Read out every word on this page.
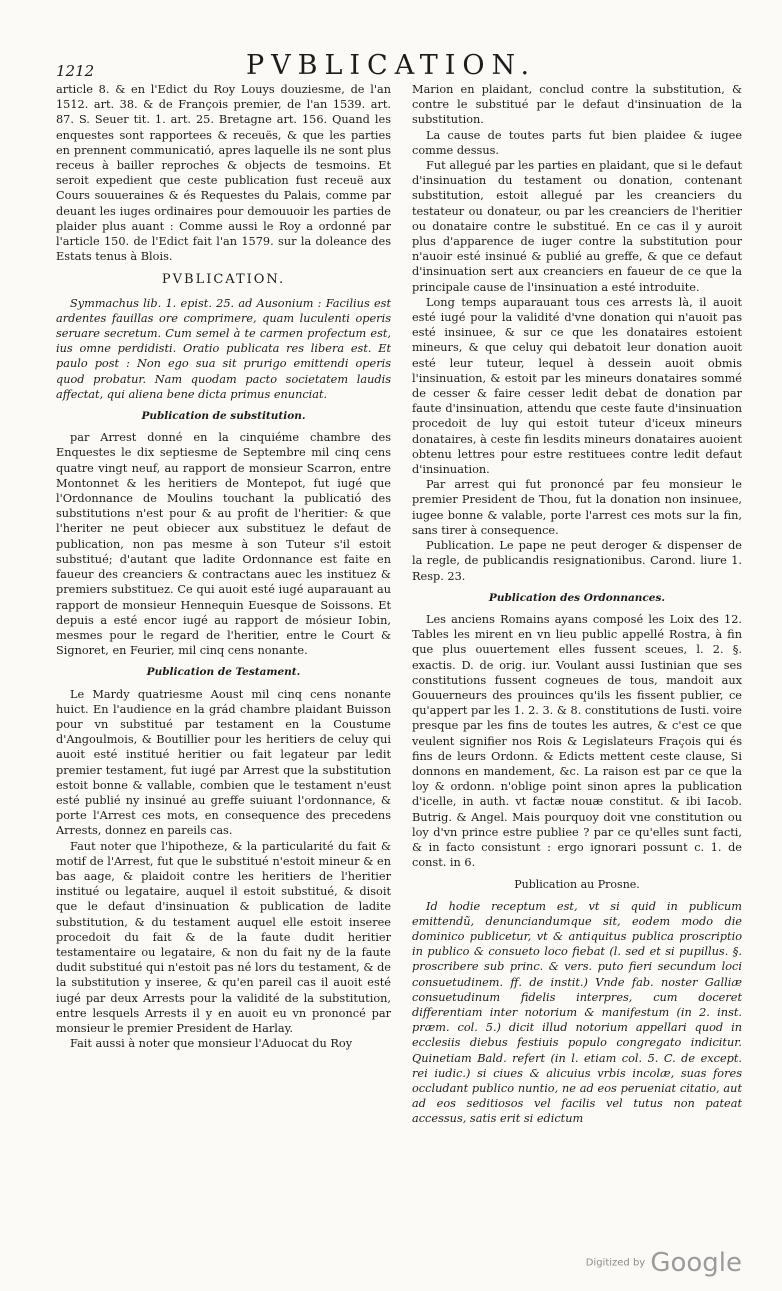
1212	PVBLICATION.

article 8. & en l'Edict du Roy Louys douziesme, de l'an 1512. art. 38. & de François premier, de l'an 1539. art. 87. S. Seuer tit. 1. art. 25. Bretagne art. 156. Quand les enquestes sont rapportees & receuës, & que les parties en prennent communicatió, apres laquelle ils ne sont plus receus à bailler reproches & objects de tesmoins. Et seroit expedient que ceste publication fust receuë aux Cours souueraines & és Requestes du Palais, comme par deuant les iuges ordinaires pour demouuoir les parties de plaider plus auant : Comme aussi le Roy a ordonné par l'article 150. de l'Edict fait l'an 1579. sur la doleance des Estats tenus à Blois.

PVBLICATION.

Symmachus lib. 1. epist. 25. ad Ausonium : Facilius est ardentes fauillas ore comprimere, quam luculenti operis seruare secretum. Cum semel à te carmen profectum est, ius omne perdidisti. Oratio publicata res libera est. Et paulo post : Non ego sua sit prurigo emittendi operis quod probatur. Nam quodam pacto societatem laudis affectat, qui aliena bene dicta primus enunciat.

Publication de substitution.

par Arrest donné en la cinquiéme chambre des Enquestes le dix septiesme de Septembre mil cinq cens quatre vingt neuf, au rapport de monsieur Scarron, entre Montonnet & les heritiers de Montepot, fut iugé que l'Ordonnance de Moulins touchant la publicatió des substitutions n'est pour & au profit de l'heritier: & que l'heriter ne peut obiecer aux substituez le defaut de publication, non pas mesme à son Tuteur s'il estoit substitué; d'autant que ladite Ordonnance est faite en faueur des creanciers & contractans auec les instituez & premiers substituez. Ce qui auoit esté iugé auparauant au rapport de monsieur Hennequin Euesque de Soissons. Et depuis a esté encor iugé au rapport de mósieur Iobin, mesmes pour le regard de l'heritier, entre le Court & Signoret, en Feurier, mil cinq cens nonante.

Publication de Testament.

Le Mardy quatriesme Aoust mil cinq cens nonante huict. En l'audience en la grád chambre plaidant Buisson pour vn substitué par testament en la Coustume d'Angoulmois, & Boutillier pour les heritiers de celuy qui auoit esté institué heritier ou fait legateur par ledit premier testament, fut iugé par Arrest que la substitution estoit bonne & vallable, combien que le testament n'eust esté publié ny insinué au greffe suiuant l'ordonnance, & porte l'Arrest ces mots, en consequence des precedens Arrests, donnez en pareils cas.

Faut noter que l'hipotheze, & la particularité du fait & motif de l'Arrest, fut que le substitué n'estoit mineur & en bas aage, & plaidoit contre les heritiers de l'heritier institué ou legataire, auquel il estoit substitué, & disoit que le defaut d'insinuation & publication de ladite substitution, & du testament auquel elle estoit inseree procedoit du fait & de la faute dudit heritier testamentaire ou legataire, & non du fait ny de la faute dudit substitué qui n'estoit pas né lors du testament, & de la substitution y inseree, & qu'en pareil cas il auoit esté iugé par deux Arrests pour la validité de la substitution, entre lesquels Arrests il y en auoit eu vn prononcé par monsieur le premier President de Harlay.

Fait aussi à noter que monsieur l'Aduocat du Roy

Marion en plaidant, conclud contre la substitution, & contre le substitué par le defaut d'insinuation de la substitution.

La cause de toutes parts fut bien plaidee & iugee comme dessus.

Fut allegué par les parties en plaidant, que si le defaut d'insinuation du testament ou donation, contenant substitution, estoit allegué par les creanciers du testateur ou donateur, ou par les creanciers de l'heritier ou donataire contre le substitué. En ce cas il y auroit plus d'apparence de iuger contre la substitution pour n'auoir esté insinué & publié au greffe, & que ce defaut d'insinuation sert aux creanciers en faueur de ce que la principale cause de l'insinuation a esté introduite.

Long temps auparauant tous ces arrests là, il auoit esté iugé pour la validité d'vne donation qui n'auoit pas esté insinuee, & sur ce que les donataires estoient mineurs, & que celuy qui debatoit leur donation auoit esté leur tuteur, lequel à dessein auoit obmis l'insinuation, & estoit par les mineurs donataires sommé de cesser & faire cesser ledit debat de donation par faute d'insinuation, attendu que ceste faute d'insinuation procedoit de luy qui estoit tuteur d'iceux mineurs donataires, à ceste fin lesdits mineurs donataires auoient obtenu lettres pour estre restituees contre ledit defaut d'insinuation.

Par arrest qui fut prononcé par feu monsieur le premier President de Thou, fut la donation non insinuee, iugee bonne & valable, porte l'arrest ces mots sur la fin, sans tirer à consequence.

Publication. Le pape ne peut deroger & dispenser de la regle, de publicandis resignationibus. Carond. liure 1. Resp. 23.

Publication des Ordonnances.

Les anciens Romains ayans composé les Loix des 12. Tables les mirent en vn lieu public appellé Rostra, à fin que plus ouuertement elles fussent sceues, l. 2. §. exactis. D. de orig. iur. Voulant aussi Iustinian que ses constitutions fussent cogneues de tous, mandoit aux Gouuerneurs des prouinces qu'ils les fissent publier, ce qu'appert par les 1. 2. 3. & 8. constitutions de Iusti. voire presque par les fins de toutes les autres, & c'est ce que veulent signifier nos Rois & Legislateurs Fraçois qui és fins de leurs Ordonn. & Edicts mettent ceste clause, Si donnons en mandement, &c. La raison est par ce que la loy & ordonn. n'oblige point sinon apres la publication d'icelle, in auth. vt factæ nouæ constitut. & ibi Iacob. Butrig. & Angel. Mais pourquoy doit vne constitution ou loy d'vn prince estre publiee ? par ce qu'elles sunt facti, & in facto consistunt : ergo ignorari possunt c. 1. de const. in 6.

Publication au Prosne.

Id hodie receptum est, vt si quid in publicum emittendũ, denunciandumque sit, eodem modo die dominico publicetur, vt & antiquitus publica proscriptio in publico & consueto loco fiebat (l. sed et si pupillus. §. proscribere sub princ. & vers. puto fieri secundum loci consuetudinem. ff. de instit.) Vnde fab. noster Galliæ consuetudinum fidelis interpres, cum doceret differentiam inter notorium & manifestum (in 2. inst. præm. col. 5.) dicit illud notorium appellari quod in ecclesiis diebus festiuis populo congregato indicitur. Quinetiam Bald. refert (in l. etiam col. 5. C. de except. rei iudic.) si ciues & alicuius vrbis incolæ, suas fores occludant publico nuntio, ne ad eos perueniat citatio, aut ad eos seditiosos vel facilis vel tutus non pateat accessus, satis erit si edictum

Digitized by Google
